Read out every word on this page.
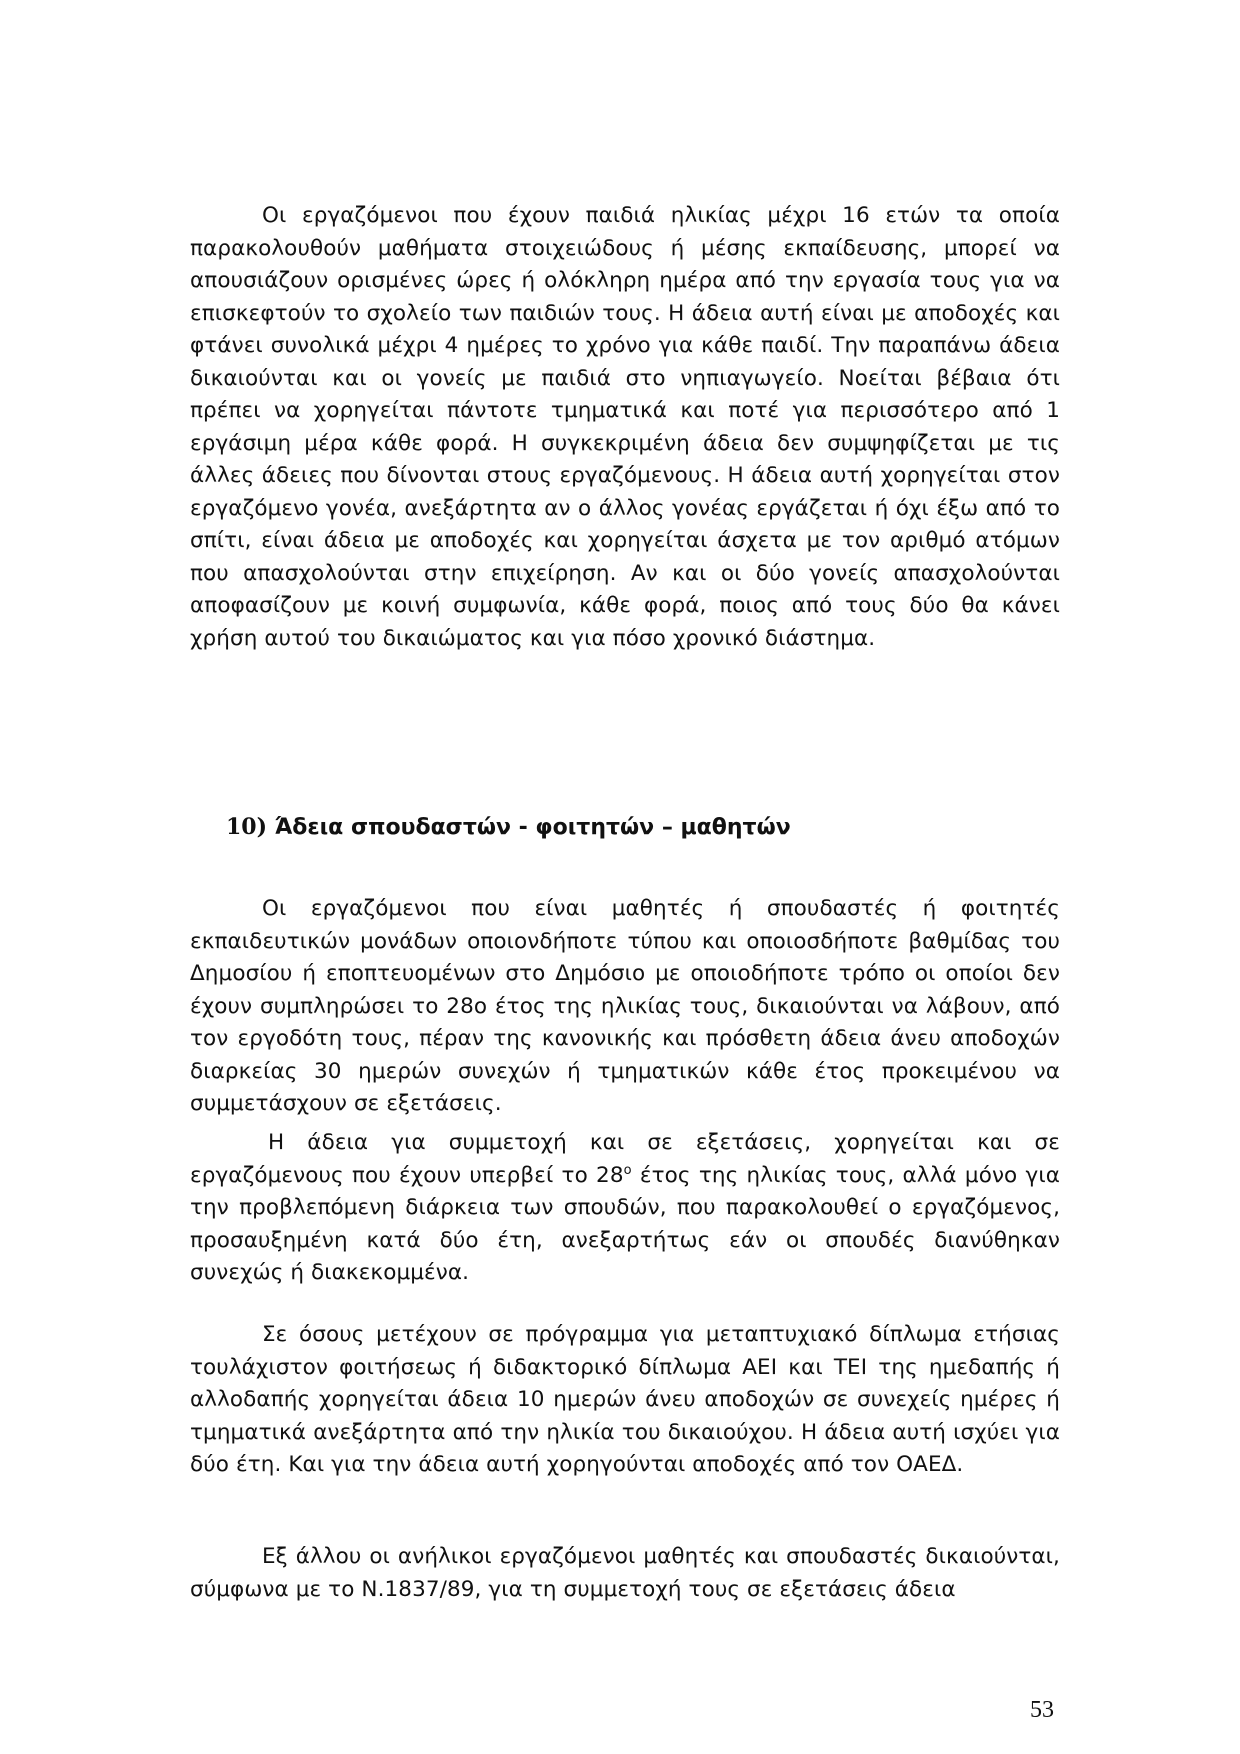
Οι εργαζόμενοι που έχουν παιδιά ηλικίας μέχρι 16 ετών τα οποία παρακολουθούν μαθήματα στοιχειώδους ή μέσης εκπαίδευσης, μπορεί να απουσιάζουν ορισμένες ώρες ή ολόκληρη ημέρα από την εργασία τους για να επισκεφτούν το σχολείο των παιδιών τους. Η άδεια αυτή είναι με αποδοχές και φτάνει συνολικά μέχρι 4 ημέρες το χρόνο για κάθε παιδί. Την παραπάνω άδεια δικαιούνται και οι γονείς με παιδιά στο νηπιαγωγείο. Νοείται βέβαια ότι πρέπει να χορηγείται πάντοτε τμηματικά και ποτέ για περισσότερο από 1 εργάσιμη μέρα κάθε φορά. Η συγκεκριμένη άδεια δεν συμψηφίζεται με τις άλλες άδειες που δίνονται στους εργαζόμενους. Η άδεια αυτή χορηγείται στον εργαζόμενο γονέα, ανεξάρτητα αν ο άλλος γονέας εργάζεται ή όχι έξω από το σπίτι, είναι άδεια με αποδοχές και χορηγείται άσχετα με τον αριθμό ατόμων που απασχολούνται στην επιχείρηση. Αν και οι δύο γονείς απασχολούνται αποφασίζουν με κοινή συμφωνία, κάθε φορά, ποιος από τους δύο θα κάνει χρήση αυτού του δικαιώματος και για πόσο χρονικό διάστημα.

10) Άδεια σπουδαστών - φοιτητών – μαθητών

Οι εργαζόμενοι που είναι μαθητές ή σπουδαστές ή φοιτητές εκπαιδευτικών μονάδων οποιονδήποτε τύπου και οποιοσδήποτε βαθμίδας του Δημοσίου ή εποπτευομένων στο Δημόσιο με οποιοδήποτε τρόπο οι οποίοι δεν έχουν συμπληρώσει το 28ο έτος της ηλικίας τους, δικαιούνται να λάβουν, από τον εργοδότη τους, πέραν της κανονικής και πρόσθετη άδεια άνευ αποδοχών διαρκείας 30 ημερών συνεχών ή τμηματικών κάθε έτος προκειμένου να συμμετάσχουν σε εξετάσεις.

Η άδεια για συμμετοχή και σε εξετάσεις, χορηγείται και σε εργαζόμενους που έχουν υπερβεί το $28^o$ έτος της ηλικίας τους, αλλά μόνο για την προβλεπόμενη διάρκεια των σπουδών, που παρακολουθεί ο εργαζόμενος, προσαυξημένη κατά δύο έτη, ανεξαρτήτως εάν οι σπουδές διανύθηκαν συνεχώς ή διακεκομμένα.

Σε όσους μετέχουν σε πρόγραμμα για μεταπτυχιακό δίπλωμα ετήσιας τουλάχιστον φοιτήσεως ή διδακτορικό δίπλωμα ΑΕΙ και ΤΕΙ της ημεδαπής ή αλλοδαπής χορηγείται άδεια 10 ημερών άνευ αποδοχών σε συνεχείς ημέρες ή τμηματικά ανεξάρτητα από την ηλικία του δικαιούχου. Η άδεια αυτή ισχύει για δύο έτη. Και για την άδεια αυτή χορηγούνται αποδοχές από τον ΟΑΕΔ.

Εξ άλλου οι ανήλικοι εργαζόμενοι μαθητές και σπουδαστές δικαιούνται, σύμφωνα με το Ν.1837/89, για τη συμμετοχή τους σε εξετάσεις άδεια

53
